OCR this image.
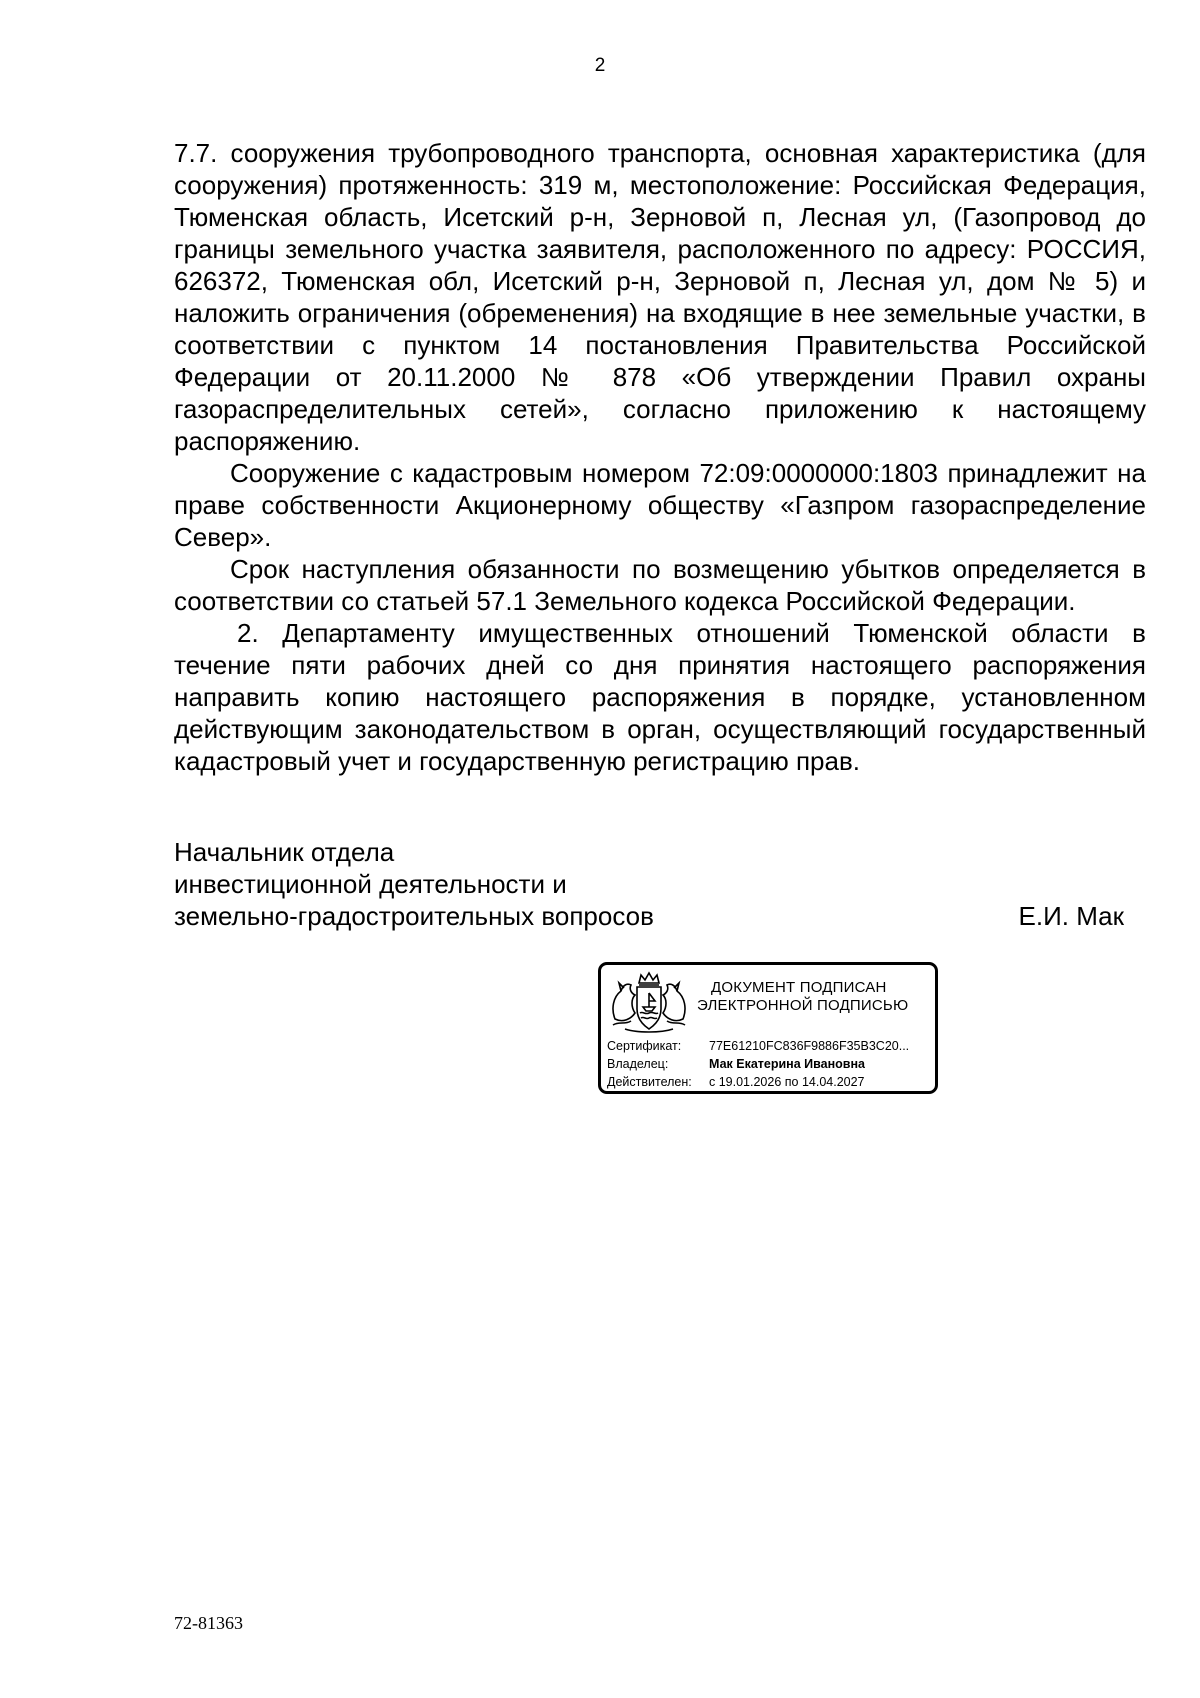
2

7.7. сооружения трубопроводного транспорта, основная характеристика (для сооружения) протяженность: 319 м, местоположение: Российская Федерация, Тюменская область, Исетский р-н, Зерновой п, Лесная ул, (Газопровод до границы земельного участка заявителя, расположенного по адресу: РОССИЯ, 626372, Тюменская обл, Исетский р-н, Зерновой п, Лесная ул, дом № 5) и наложить ограничения (обременения) на входящие в нее земельные участки, в соответствии с пунктом 14 постановления Правительства Российской Федерации от 20.11.2000 № 878 «Об утверждении Правил охраны газораспределительных сетей», согласно приложению к настоящему распоряжению.

Сооружение с кадастровым номером 72:09:0000000:1803 принадлежит на праве собственности Акционерному обществу «Газпром газораспределение Север».

Срок наступления обязанности по возмещению убытков определяется в соответствии со статьей 57.1 Земельного кодекса Российской Федерации.

2. Департаменту имущественных отношений Тюменской области в течение пяти рабочих дней со дня принятия настоящего распоряжения направить копию настоящего распоряжения в порядке, установленном действующим законодательством в орган, осуществляющий государственный кадастровый учет и государственную регистрацию прав.

Начальник отдела
инвестиционной деятельности и
земельно-градостроительных вопросов	Е.И. Мак
ДОКУМЕНТ ПОДПИСАН
ЭЛЕКТРОННОЙ ПОДПИСЬЮ
Сертификат:	77E61210FC836F9886F35B3C20...
Владелец:	Мак Екатерина Ивановна
Действителен:	с 19.01.2026 по 14.04.2027
72-81363
